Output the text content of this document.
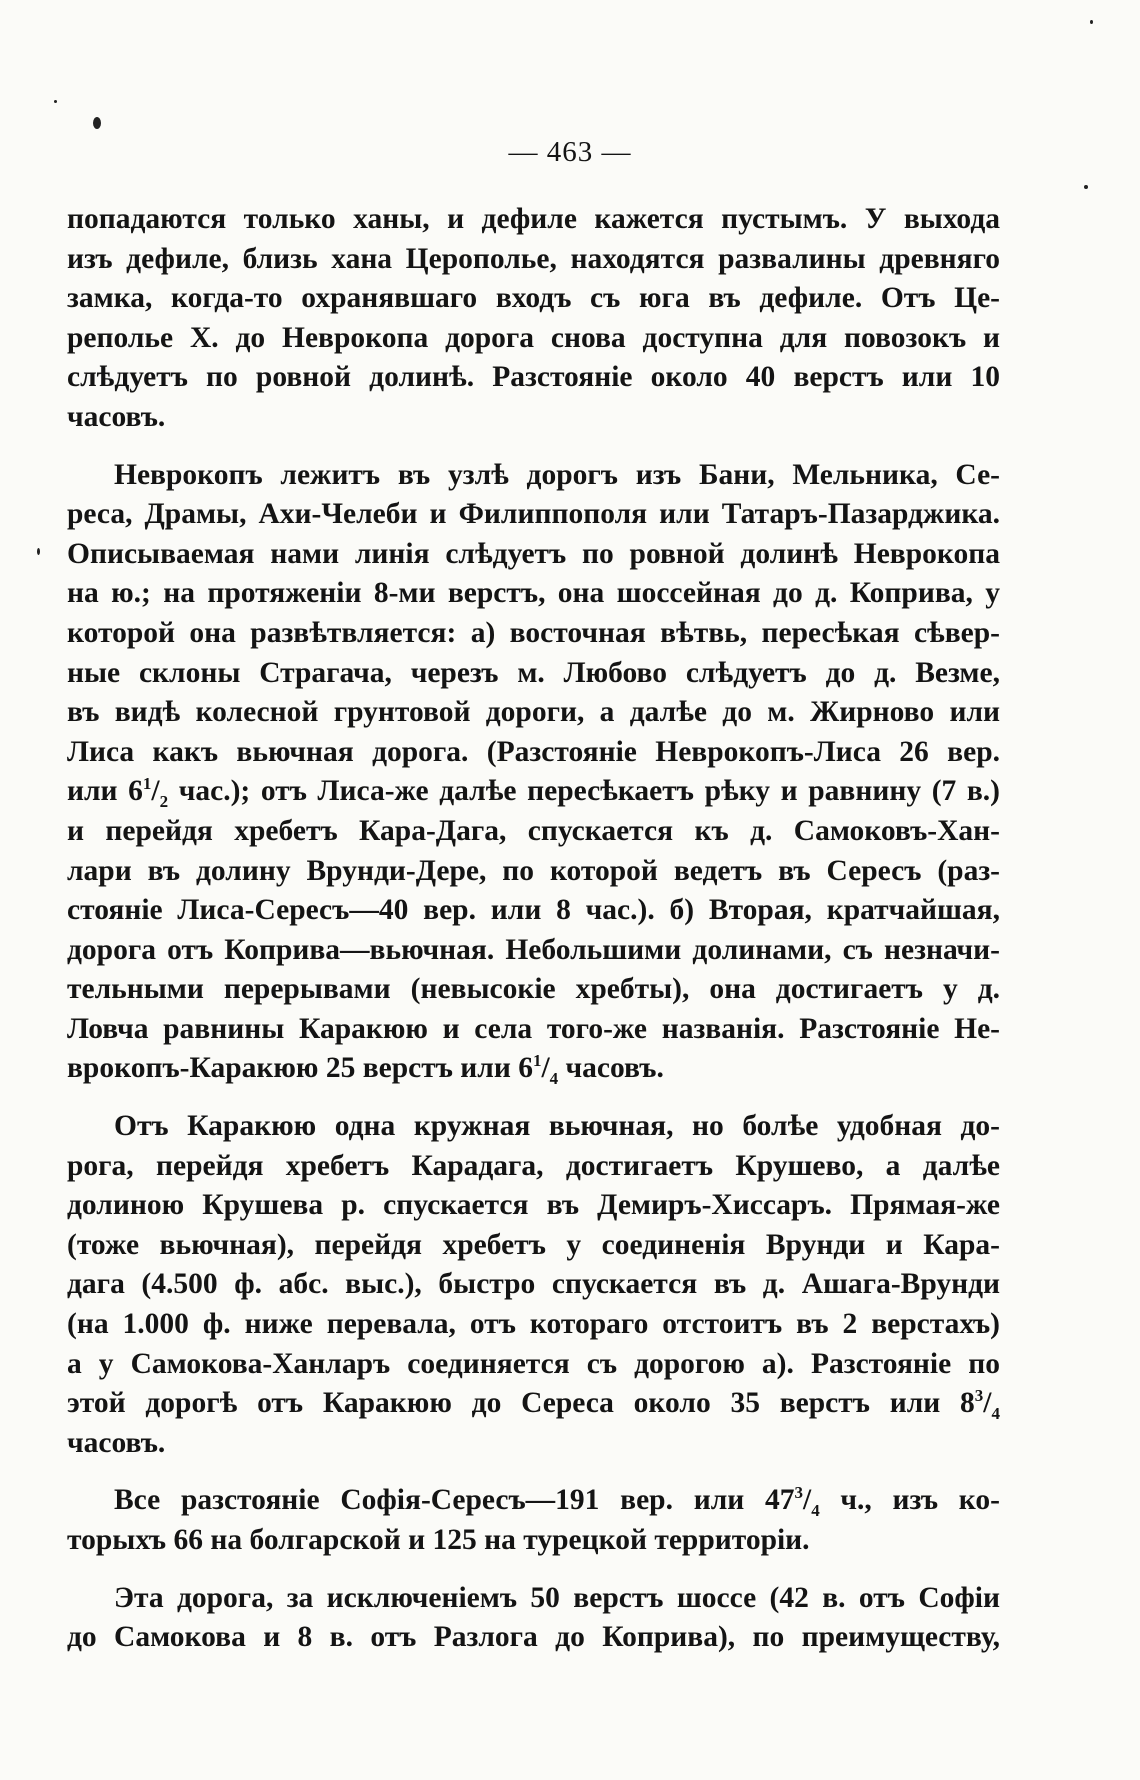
— 463 —
попадаются только ханы, и дефиле кажется пустымъ. У выхода
изъ дефиле, близь хана Церополье, находятся развалины древняго
замка, когда-то охранявшаго входъ съ юга въ дефиле. Отъ Це-
реполье Х. до Неврокопа дорога снова доступна для повозокъ и
слѣдуетъ по ровной долинѣ. Разстояніе около 40 верстъ или 10
часовъ.
Неврокопъ лежитъ въ узлѣ дорогъ изъ Бани, Мельника, Се-
реса, Драмы, Ахи-Челеби и Филиппополя или Татаръ-Пазарджика.
Описываемая нами линія слѣдуетъ по ровной долинѣ Неврокопа
на ю.; на протяженіи 8-ми верстъ, она шоссейная до д. Коприва, у
которой она развѣтвляется: а) восточная вѣтвь, пересѣкая сѣвер-
ные склоны Страгача, черезъ м. Любово слѣдуетъ до д. Везме,
въ видѣ колесной грунтовой дороги, а далѣе до м. Жирново или
Лиса какъ вьючная дорога. (Разстояніе Неврокопъ-Лиса 26 вер.
или $6^1/_2$ час.); отъ Лиса-же далѣе пересѣкаетъ рѣку и равнину (7 в.)
и перейдя хребетъ Кара-Дага, спускается къ д. Самоковъ-Хан-
лари въ долину Врунди-Дере, по которой ведетъ въ Сересъ (раз-
стояніе Лиса-Сересъ—40 вер. или 8 час.). б) Вторая, кратчайшая,
дорога отъ Коприва—вьючная. Небольшими долинами, съ незначи-
тельными перерывами (невысокіе хребты), она достигаетъ у д.
Ловча равнины Каракюю и села того-же названія. Разстояніе Не-
врокопъ-Каракюю 25 верстъ или $6^1/_4$ часовъ.
Отъ Каракюю одна кружная вьючная, но болѣе удобная до-
рога, перейдя хребетъ Карадага, достигаетъ Крушево, а далѣе
долиною Крушева р. спускается въ Демиръ-Хиссаръ. Прямая-же
(тоже вьючная), перейдя хребетъ у соединенія Врунди и Кара-
дага (4.500 ф. абс. выс.), быстро спускается въ д. Ашага-Врунди
(на 1.000 ф. ниже перевала, отъ котораго отстоитъ въ 2 верстахъ)
а у Самокова-Ханларъ соединяется съ дорогою а). Разстояніе по
этой дорогѣ отъ Каракюю до Сереса около 35 верстъ или $8^3/_4$
часовъ.
Все разстояніе Софія-Сересъ—191 вер. или $47^3/_4$ ч., изъ ко-
торыхъ 66 на болгарской и 125 на турецкой территоріи.
Эта дорога, за исключеніемъ 50 верстъ шоссе (42 в. отъ Софіи
до Самокова и 8 в. отъ Разлога до Коприва), по преимуществу,
